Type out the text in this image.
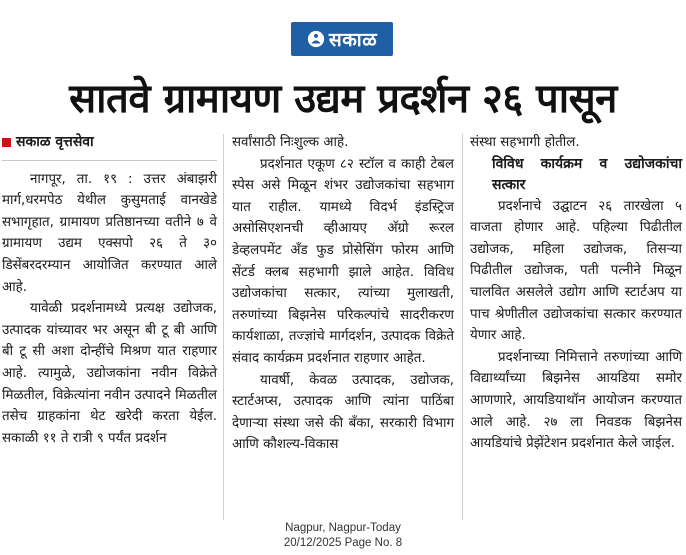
सकाळ
सातवे ग्रामायण उद्यम प्रदर्शन २६ पासून
सकाळ वृत्तसेवा

नागपूर, ता. १९ : उत्तर अंबाझरी मार्ग,धरमपेठ येथील कुसुमताई वानखेडे सभागृहात, ग्रामायण प्रतिष्ठानच्या वतीने ७ वे ग्रामायण उद्यम एक्सपो २६ ते ३० डिसेंबरदरम्यान आयोजित करण्यात आले आहे.

यावेळी प्रदर्शनामध्ये प्रत्यक्ष उद्योजक, उत्पादक यांच्यावर भर असून बी टू बी आणि बी टू सी अशा दोन्हींचे मिश्रण यात राहणार आहे. त्यामुळे, उद्योजकांना नवीन विक्रेते मिळतील, विक्रेत्यांना नवीन उत्पादने मिळतील तसेच ग्राहकांना थेट खरेदी करता येईल. सकाळी ११ ते रात्री ९ पर्यंत प्रदर्शन

सर्वांसाठी निःशुल्क आहे.

प्रदर्शनात एकूण ८२ स्टॉल व काही टेबल स्पेस असे मिळून शंभर उद्योजकांचा सहभाग यात राहील. यामध्ये विदर्भ इंडस्ट्रिज असोसिएशनची व्हीआयए अ‍ॅग्रो रूरल डेव्हलपमेंट अ‍ॅंड फुड प्रोसेसिंग फोरम आणि सेंटर्ड क्लब सहभागी झाले आहेत. विविध उद्योजकांचा सत्कार, त्यांच्या मुलाखती, तरुणांच्या बिझनेस परिकल्पांचे सादरीकरण कार्यशाळा, तज्ज्ञांचे मार्गदर्शन, उत्पादक विक्रेते संवाद कार्यक्रम प्रदर्शनात राहणार आहेत.

यावर्षी, केवळ उत्पादक, उद्योजक, स्टार्टअप्स, उत्पादक आणि त्यांना पाठिंबा देणाऱ्या संस्था जसे की बँका, सरकारी विभाग आणि कौशल्य-विकास

संस्था सहभागी होतील.

विविध कार्यक्रम व उद्योजकांचा सत्कार

प्रदर्शनाचे उद्घाटन २६ तारखेला ५ वाजता होणार आहे. पहिल्या पिढीतील उद्योजक, महिला उद्योजक, तिसऱ्या पिढीतील उद्योजक, पती पत्नीने मिळून चालवित असलेले उद्योग आणि स्टार्टअप या पाच श्रेणीतील उद्योजकांचा सत्कार करण्यात येणार आहे.

प्रदर्शनाच्या निमित्ताने तरुणांच्या आणि विद्यार्थ्यांच्या बिझनेस आयडिया समोर आणणारे, आयडियाथॉन आयोजन करण्यात आले आहे. २७ ला निवडक बिझनेस आयडियांचे प्रेझेंटेशन प्रदर्शनात केले जाईल.

Nagpur, Nagpur-Today
20/12/2025 Page No. 8
